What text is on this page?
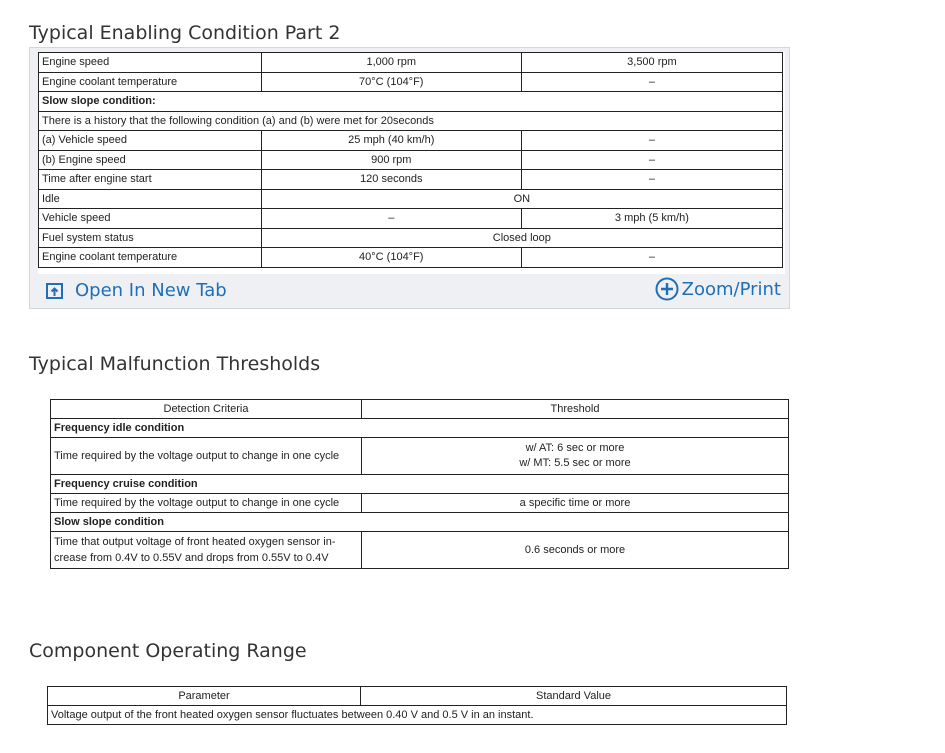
Typical Enabling Condition Part 2
Engine speed	1,000 rpm	3,500 rpm
Engine coolant temperature	70°C (104°F)	–
Slow slope condition:		
There is a history that the following condition (a) and (b) were met for 20seconds		
(a) Vehicle speed	25 mph (40 km/h)	–
(b) Engine speed	900 rpm	–
Time after engine start	120 seconds	–
Idle	ON	
Vehicle speed	–	3 mph (5 km/h)
Fuel system status	Closed loop	
Engine coolant temperature	40°C (104°F)	–
Open In New Tab	Zoom/Print
Typical Malfunction Thresholds
Detection Criteria	Threshold
Frequency idle condition	
Time required by the voltage output to change in one cycle	w/ AT: 6 sec or more
w/ MT: 5.5 sec or more

Frequency cruise condition	
Time required by the voltage output to change in one cycle	a specific time or more
Slow slope condition	
Time that output voltage of front heated oxygen sensor in-crease from 0.4V to 0.55V and drops from 0.55V to 0.4V	0.6 seconds or more
Component Operating Range
Parameter	Standard Value
Voltage output of the front heated oxygen sensor fluctuates between 0.40 V and 0.5 V in an instant.
